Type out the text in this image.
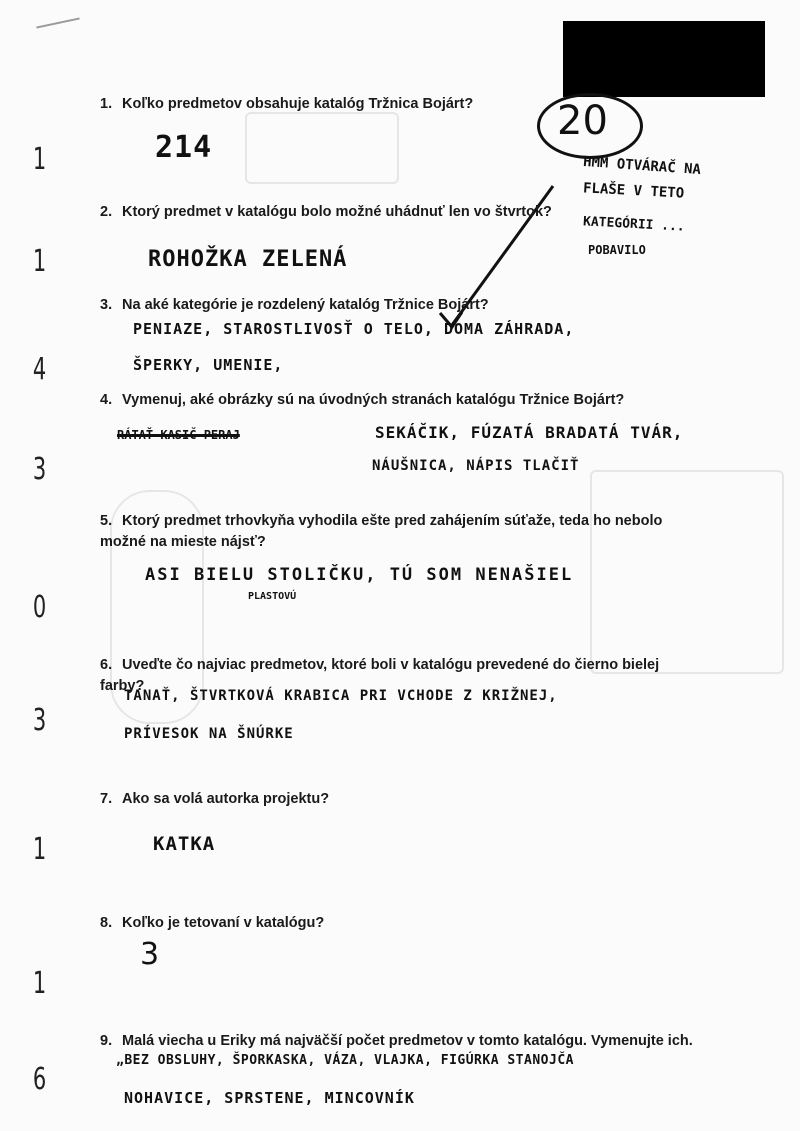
20
HMM OTVÁRAČ NA
FLAŠE V TETO
KATEGÓRII ...
POBAVILO
1. Koľko predmetov obsahuje katalóg Tržnica Bojárt?
214
1
2. Ktorý predmet v katalógu bolo možné uhádnuť len vo štvrtok?
ROHOŽKA ZELENÁ
1
3. Na aké kategórie je rozdelený katalóg Tržnice Bojárt?
PENIAZE, STAROSTLIVOSŤ O TELO, DOMA ZÁHRADA,
ŠPERKY, UMENIE,
4
4. Vymenuj, aké obrázky sú na úvodných stranách katalógu Tržnice Bojárt?
RÁTAŤ KASIČ PERAJ	SEKÁČIK, FÚZATÁ BRADATÁ TVÁR,
NÁUŠNICA, NÁPIS TLAČIŤ
3
5. Ktorý predmet trhovkyňa vyhodila ešte pred zahájením súťaže, teda ho nebolo možné na mieste nájsť?
ASI BIELU STOLIČKU, TÚ SOM NENAŠIEL
PLASTOVÚ
0
6. Uveďte čo najviac predmetov, ktoré boli v katalógu prevedené do čierno bielej farby?
TANAŤ, ŠTVRTKOVÁ KRABICA PRI VCHODE Z KRIŽNEJ,
PRÍVESOK NA ŠNÚRKE
3
7. Ako sa volá autorka projektu?
KATKA
1
8. Koľko je tetovaní v katalógu?
3
1
9. Malá viecha u Eriky má najväčší počet predmetov v tomto katalógu. Vymenujte ich.
„BEZ OBSLUHY, ŠPORKASKA, VÁZA, VLAJKA, FIGÚRKA STANOJČA
NOHAVICE, SPRSTENE, MINCOVNÍK
6
